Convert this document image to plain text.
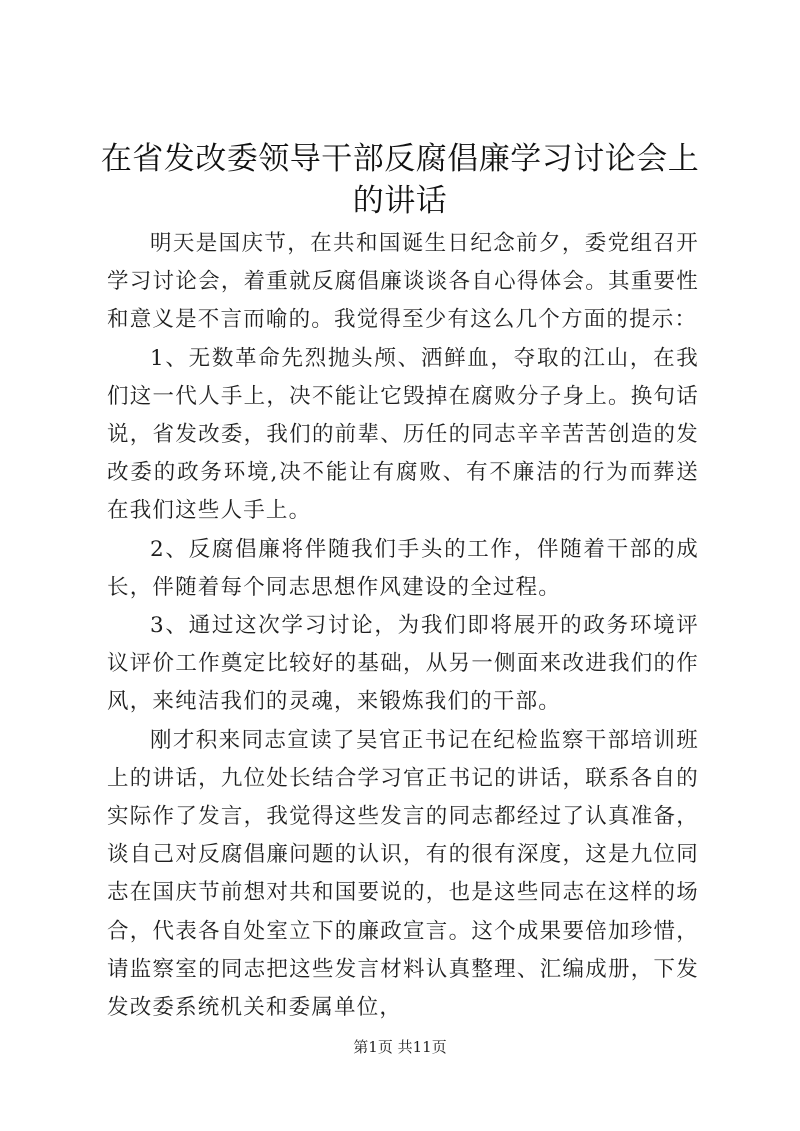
在省发改委领导干部反腐倡廉学习讨论会上的讲话

明天是国庆节，在共和国诞生日纪念前夕，委党组召开学习讨论会，着重就反腐倡廉谈谈各自心得体会。其重要性和意义是不言而喻的。我觉得至少有这么几个方面的提示：

1、无数革命先烈抛头颅、洒鲜血，夺取的江山，在我们这一代人手上，决不能让它毁掉在腐败分子身上。换句话说，省发改委，我们的前辈、历任的同志辛辛苦苦创造的发改委的政务环境,决不能让有腐败、有不廉洁的行为而葬送在我们这些人手上。

2、反腐倡廉将伴随我们手头的工作，伴随着干部的成长，伴随着每个同志思想作风建设的全过程。

3、通过这次学习讨论，为我们即将展开的政务环境评议评价工作奠定比较好的基础，从另一侧面来改进我们的作风，来纯洁我们的灵魂，来锻炼我们的干部。

刚才积来同志宣读了吴官正书记在纪检监察干部培训班上的讲话，九位处长结合学习官正书记的讲话，联系各自的实际作了发言，我觉得这些发言的同志都经过了认真准备，谈自己对反腐倡廉问题的认识，有的很有深度，这是九位同志在国庆节前想对共和国要说的，也是这些同志在这样的场合，代表各自处室立下的廉政宣言。这个成果要倍加珍惜，请监察室的同志把这些发言材料认真整理、汇编成册，下发发改委系统机关和委属单位，

第1页 共11页
